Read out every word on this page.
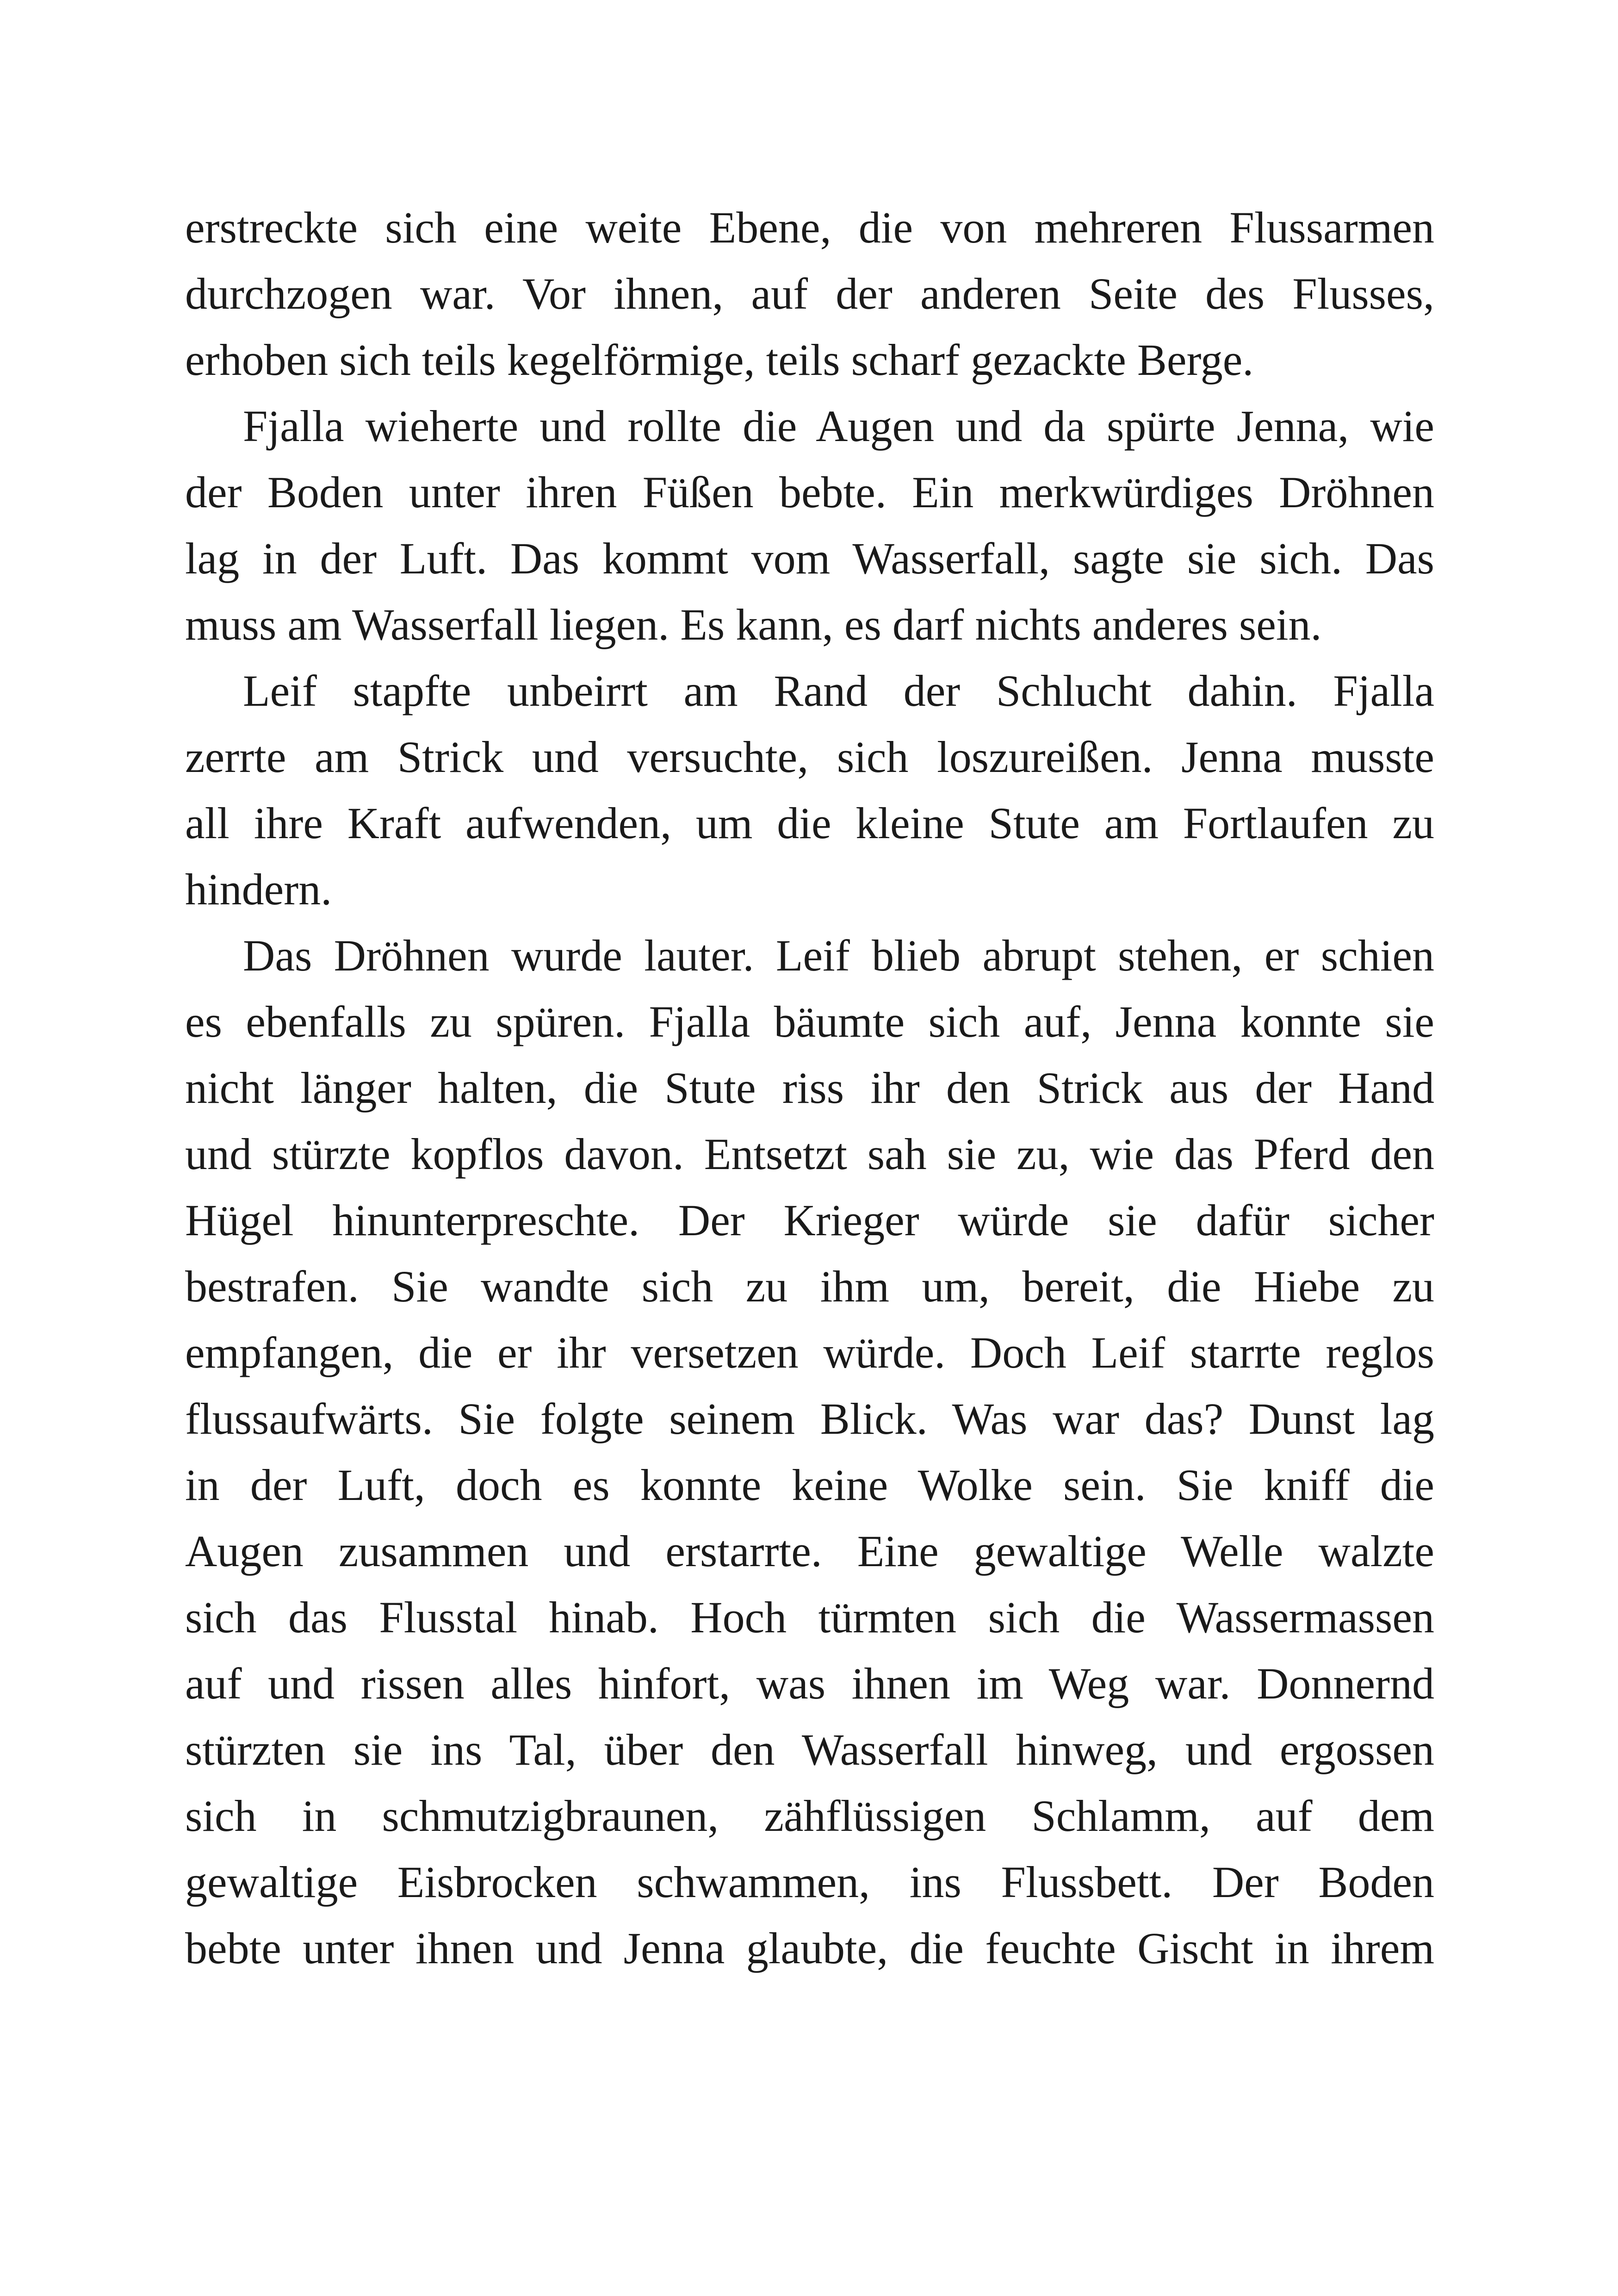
erstreckte sich eine weite Ebene, die von mehreren Flussarmen
durchzogen war. Vor ihnen, auf der anderen Seite des Flusses,
erhoben sich teils kegelförmige, teils scharf gezackte Berge.
Fjalla wieherte und rollte die Augen und da spürte Jenna, wie
der Boden unter ihren Füßen bebte. Ein merkwürdiges Dröhnen
lag in der Luft. Das kommt vom Wasserfall, sagte sie sich. Das
muss am Wasserfall liegen. Es kann, es darf nichts anderes sein.
Leif stapfte unbeirrt am Rand der Schlucht dahin. Fjalla
zerrte am Strick und versuchte, sich loszureißen. Jenna musste
all ihre Kraft aufwenden, um die kleine Stute am Fortlaufen zu
hindern.
Das Dröhnen wurde lauter. Leif blieb abrupt stehen, er schien
es ebenfalls zu spüren. Fjalla bäumte sich auf, Jenna konnte sie
nicht länger halten, die Stute riss ihr den Strick aus der Hand
und stürzte kopflos davon. Entsetzt sah sie zu, wie das Pferd den
Hügel hinunterpreschte. Der Krieger würde sie dafür sicher
bestrafen. Sie wandte sich zu ihm um, bereit, die Hiebe zu
empfangen, die er ihr versetzen würde. Doch Leif starrte reglos
flussaufwärts. Sie folgte seinem Blick. Was war das? Dunst lag
in der Luft, doch es konnte keine Wolke sein. Sie kniff die
Augen zusammen und erstarrte. Eine gewaltige Welle walzte
sich das Flusstal hinab. Hoch türmten sich die Wassermassen
auf und rissen alles hinfort, was ihnen im Weg war. Donnernd
stürzten sie ins Tal, über den Wasserfall hinweg, und ergossen
sich in schmutzigbraunen, zähflüssigen Schlamm, auf dem
gewaltige Eisbrocken schwammen, ins Flussbett. Der Boden
bebte unter ihnen und Jenna glaubte, die feuchte Gischt in ihrem
